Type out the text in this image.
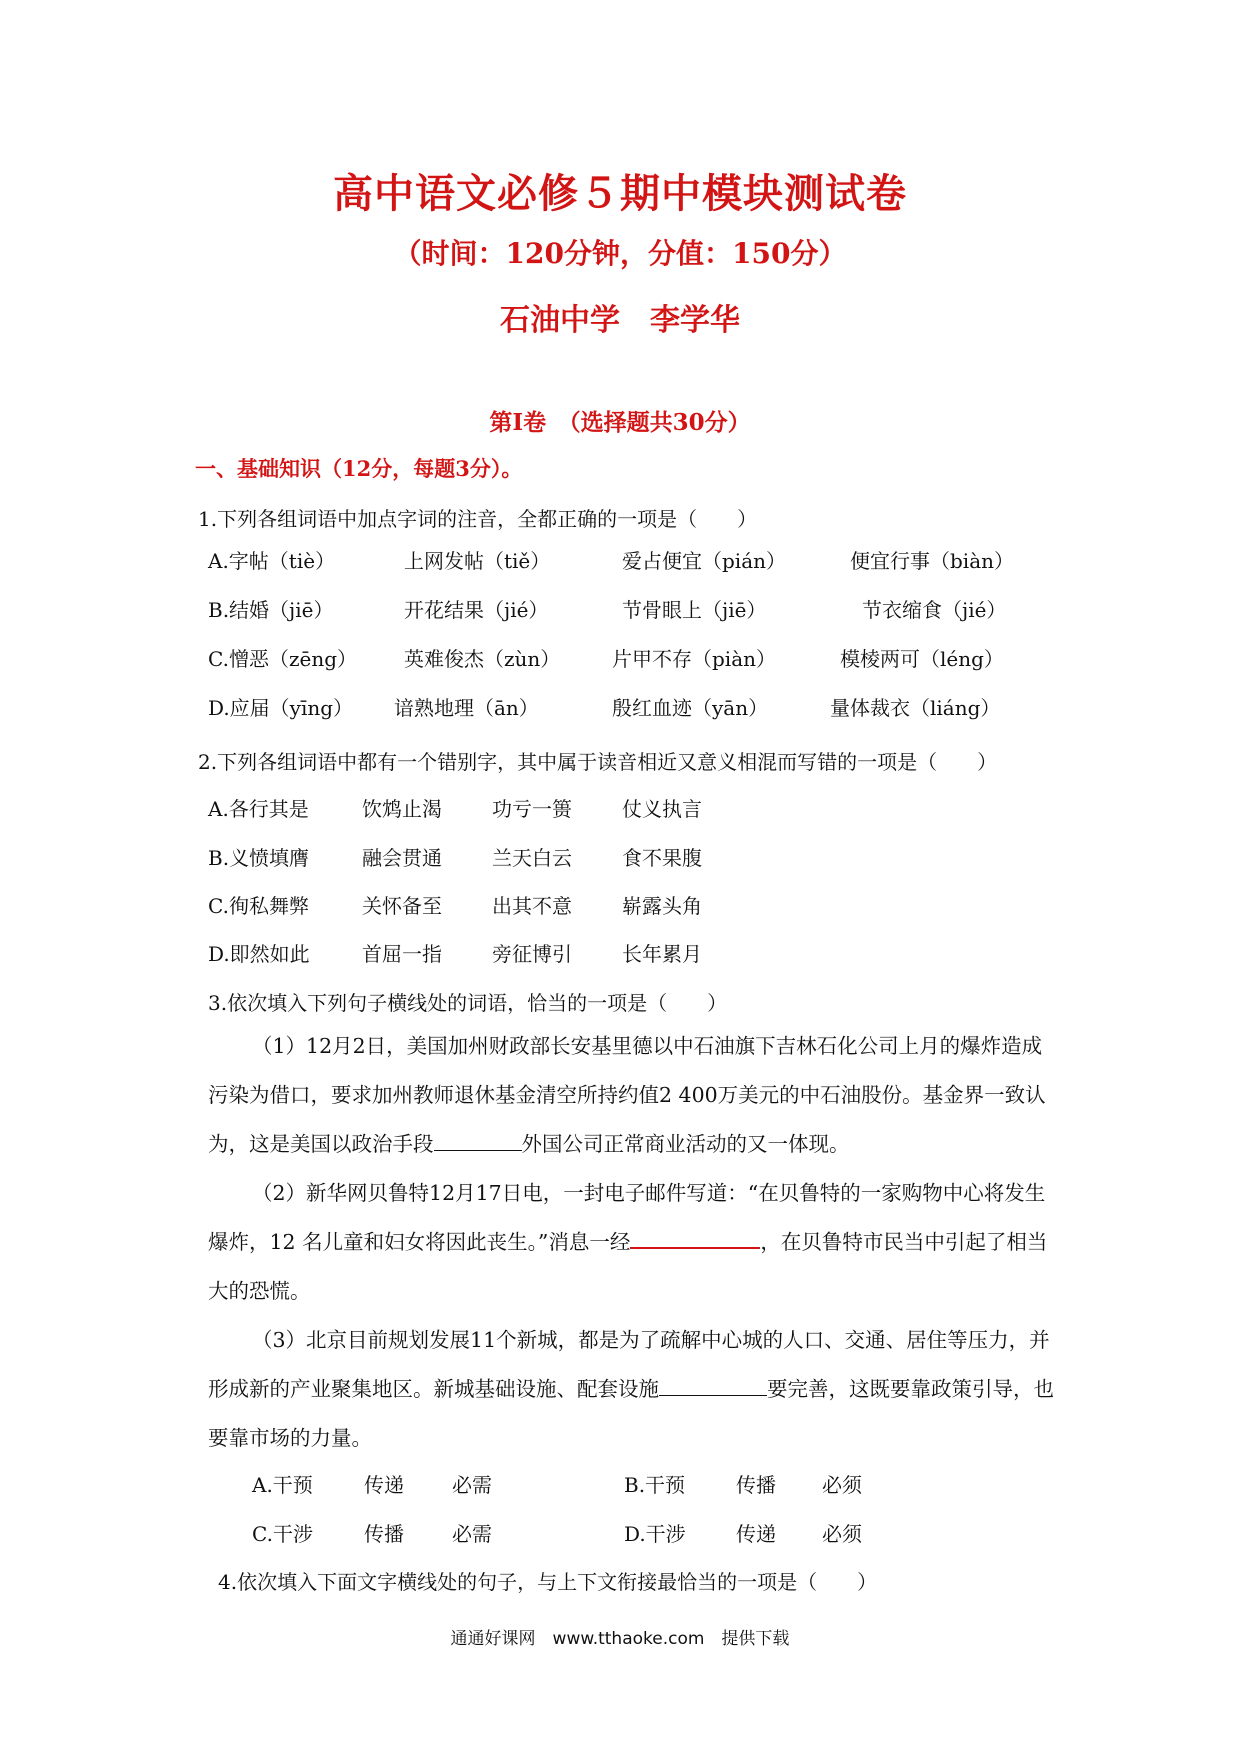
高中语文必修５期中模块测试卷
（时间：120分钟，分值：150分）
石油中学　李学华
第Ⅰ卷　（选择题共30分）
一、基础知识（12分，每题3分）。
1.下列各组词语中加点字词的注音，全都正确的一项是（　　）
A.字帖（tiè）	上网发帖（tiě）	爱占便宜（pián）	便宜行事（biàn）
B.结婚（jiē）	开花结果（jié）	节骨眼上（jiē）	节衣缩食（jié）
C.憎恶（zēng） 英难俊杰（zùn）	片甲不存（piàn）	模棱两可（léng）
D.应届（yīng） 谙熟地理（ān）	殷红血迹（yān）	量体裁衣（liáng）
2.下列各组词语中都有一个错别字，其中属于读音相近又意义相混而写错的一项是（　　）
A.各行其是	饮鸩止渴	功亏一篑	仗义执言
B.义愤填膺	融会贯通	兰天白云	食不果腹
C.徇私舞弊	关怀备至	出其不意	崭露头角
D.即然如此	首屈一指	旁征博引	长年累月
3.依次填入下列句子横线处的词语，恰当的一项是（　　）
（1）12月2日，美国加州财政部长安基里德以中石油旗下吉林石化公司上月的爆炸造成污染为借口，要求加州教师退休基金清空所持约值2 400万美元的中石油股份。基金界一致认为，这是美国以政治手段	外国公司正常商业活动的又一体现。
（2）新华网贝鲁特12月17日电，一封电子邮件写道：“在贝鲁特的一家购物中心将发生爆炸，12 名儿童和妇女将因此丧生。”消息一经	，在贝鲁特市民当中引起了相当大的恐慌。
（3）北京目前规划发展11个新城，都是为了疏解中心城的人口、交通、居住等压力，并形成新的产业聚集地区。新城基础设施、配套设施	要完善，这既要靠政策引导，也要靠市场的力量。
A.干预	传递 必需	B.干预	传播 必须
C.干涉	传播 必需	D.干涉	传递 必须
4.依次填入下面文字横线处的句子，与上下文衔接最恰当的一项是（　　）
通通好课网　www.tthaoke.com　提供下载
